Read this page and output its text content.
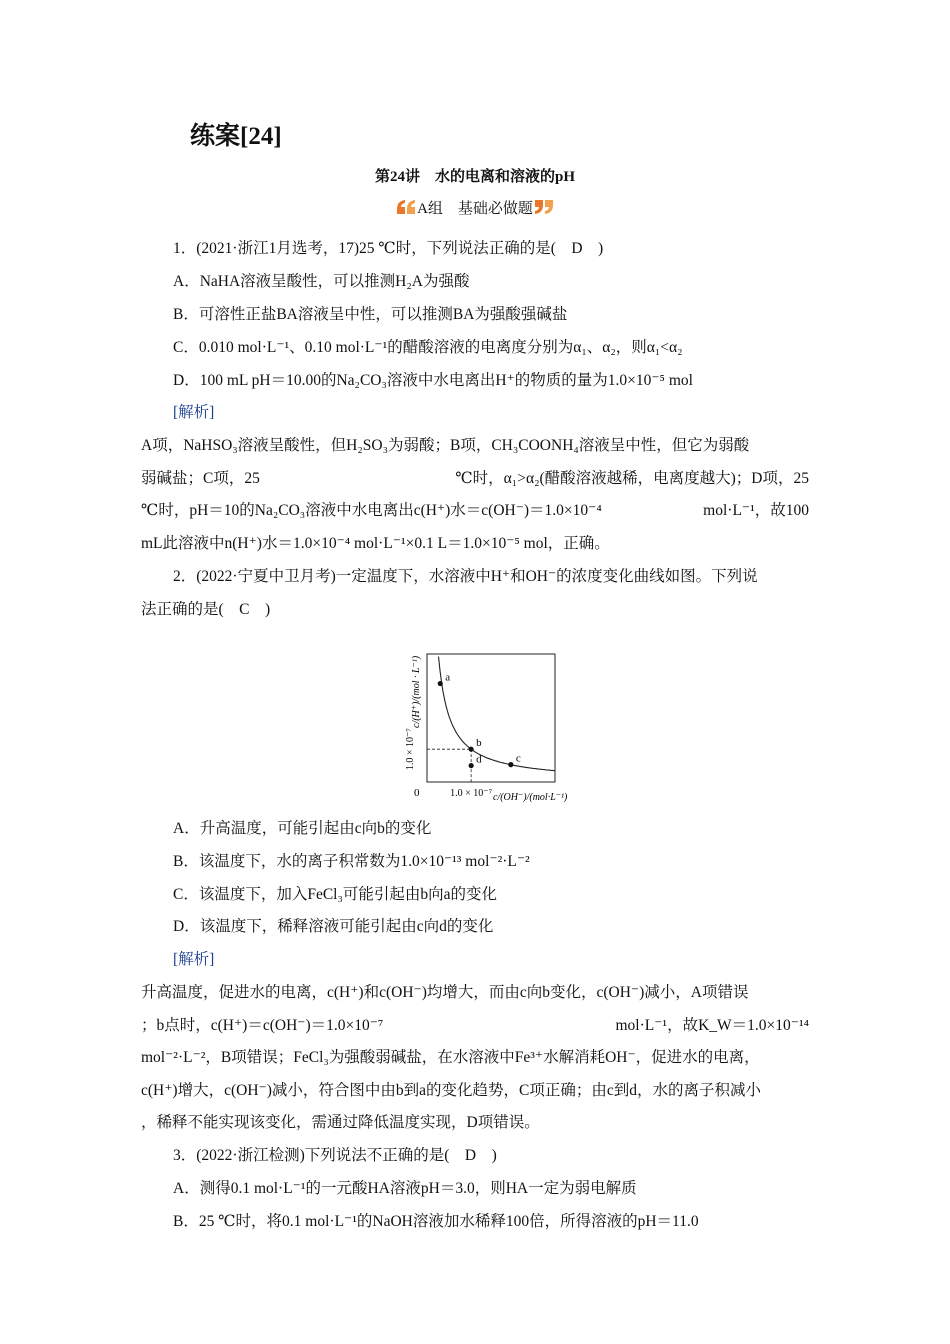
练案[24]
第24讲　水的电离和溶液的pH
A组　基础必做题
1．(2021·浙江1月选考，17)25 ℃时，下列说法正确的是(　D　)
A．NaHA溶液呈酸性，可以推测H₂A为强酸
B．可溶性正盐BA溶液呈中性，可以推测BA为强酸强碱盐
C．0.010 mol·L⁻¹、0.10 mol·L⁻¹的醋酸溶液的电离度分别为α₁、α₂，则α₁<α₂
D．100 mL pH＝10.00的Na₂CO₃溶液中水电离出H⁺的物质的量为1.0×10⁻⁵ mol
[解析]
A项，NaHSO₃溶液呈酸性，但H₂SO₃为弱酸；B项，CH₃COONH₄溶液呈中性，但它为弱酸
弱碱盐；C项，25	℃时，α₁>α₂(醋酸溶液越稀，电离度越大)；D项，25
℃时，pH＝10的Na₂CO₃溶液中水电离出c(H⁺)水＝c(OH⁻)＝1.0×10⁻⁴	mol·L⁻¹，故100
mL此溶液中n(H⁺)水＝1.0×10⁻⁴ mol·L⁻¹×0.1 L＝1.0×10⁻⁵ mol，正确。
2．(2022·宁夏中卫月考)一定温度下，水溶液中H⁺和OH⁻的浓度变化曲线如图。下列说
法正确的是(　C　)
a
b
c
d
0	1.0 × 10⁻⁷ c/(OH⁻)/(mol·L⁻¹)
1.0 × 10⁻⁷
c/(H⁺)/(mol · L⁻¹)
A．升高温度，可能引起由c向b的变化
B．该温度下，水的离子积常数为1.0×10⁻¹³ mol⁻²·L⁻²
C．该温度下，加入FeCl₃可能引起由b向a的变化
D．该温度下，稀释溶液可能引起由c向d的变化
[解析]
升高温度，促进水的电离，c(H⁺)和c(OH⁻)均增大，而由c向b变化，c(OH⁻)减小，A项错误
；b点时，c(H⁺)＝c(OH⁻)＝1.0×10⁻⁷	mol·L⁻¹，故K_W＝1.0×10⁻¹⁴
mol⁻²·L⁻²，B项错误；FeCl₃为强酸弱碱盐，在水溶液中Fe³⁺水解消耗OH⁻，促进水的电离，
c(H⁺)增大，c(OH⁻)减小，符合图中由b到a的变化趋势，C项正确；由c到d，水的离子积减小
，稀释不能实现该变化，需通过降低温度实现，D项错误。
3．(2022·浙江检测)下列说法不正确的是(　D　)
A．测得0.1 mol·L⁻¹的一元酸HA溶液pH＝3.0，则HA一定为弱电解质
B．25 ℃时，将0.1 mol·L⁻¹的NaOH溶液加水稀释100倍，所得溶液的pH＝11.0
